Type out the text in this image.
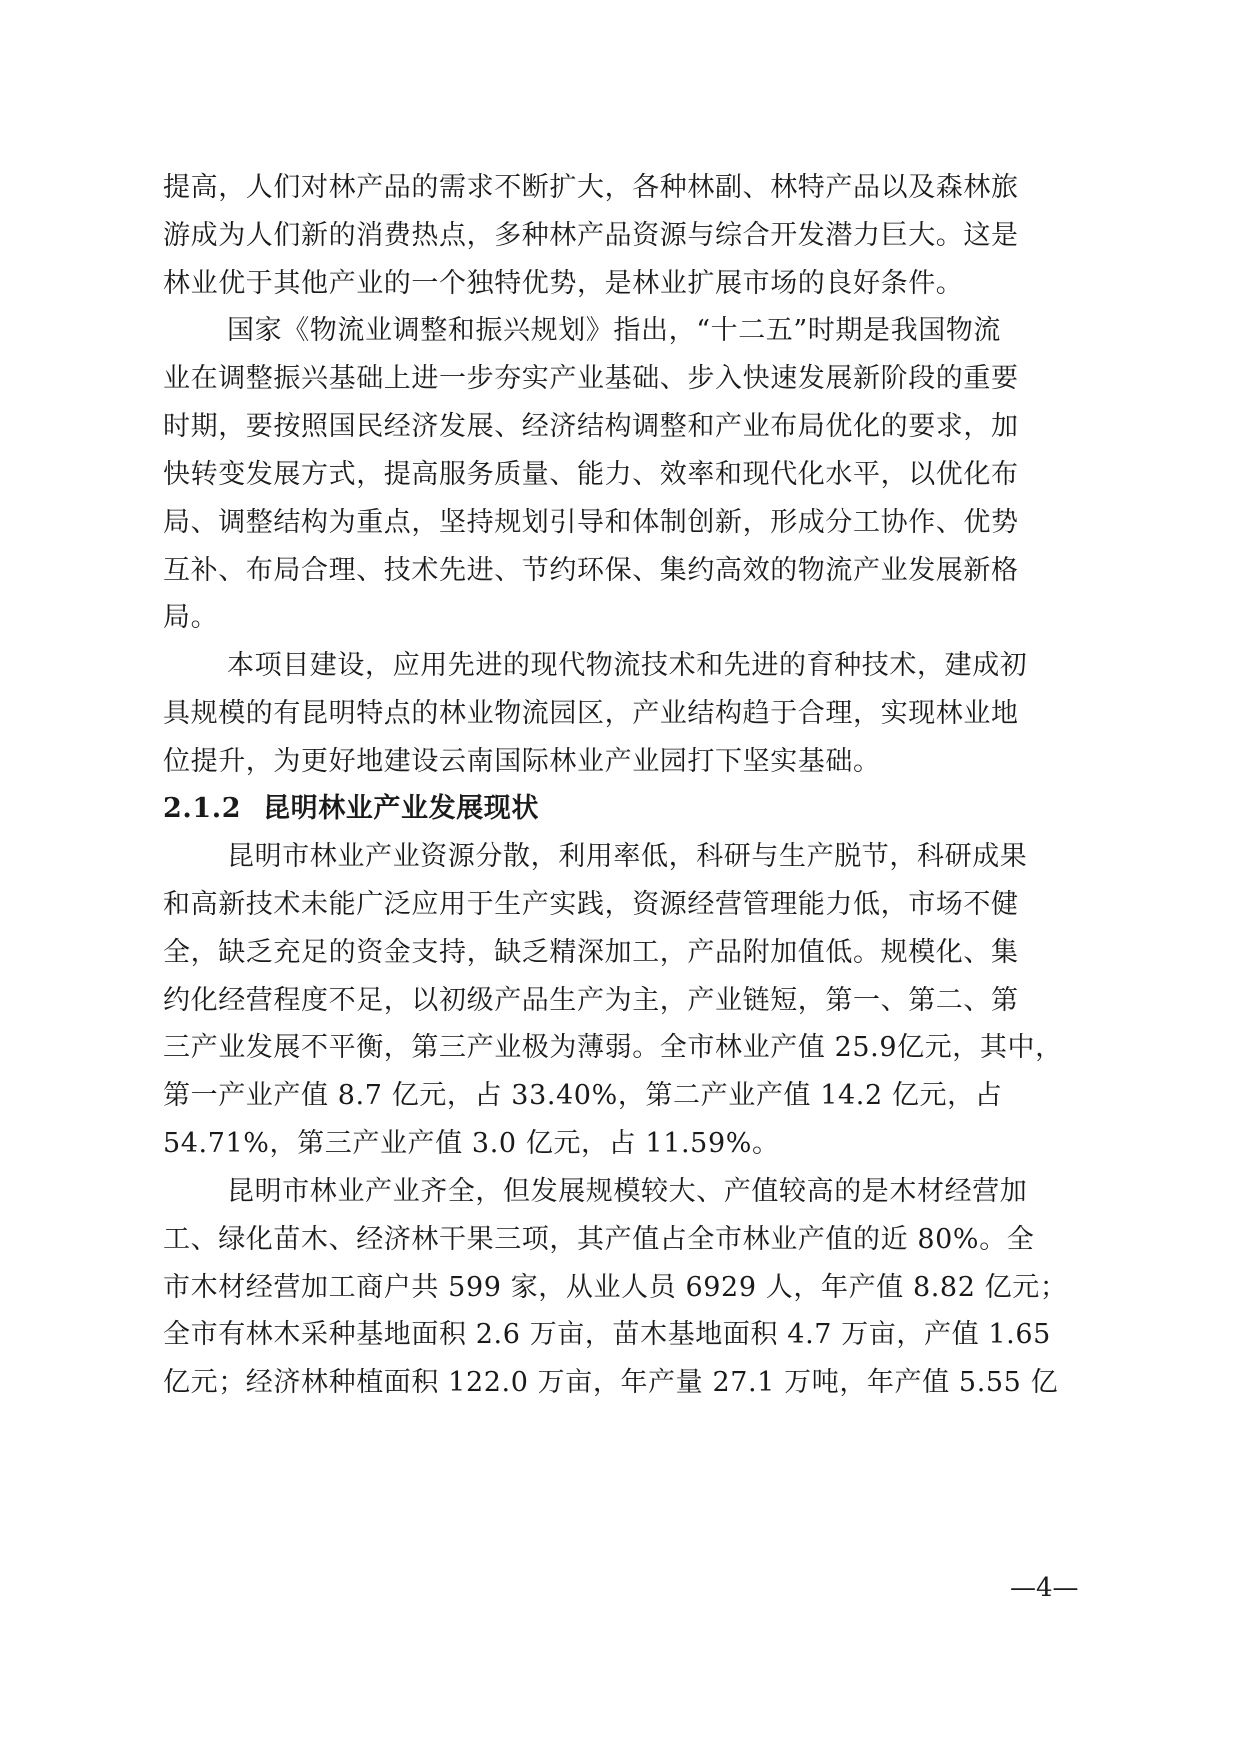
提高，人们对林产品的需求不断扩大，各种林副、林特产品以及森林旅
游成为人们新的消费热点，多种林产品资源与综合开发潜力巨大。这是
林业优于其他产业的一个独特优势，是林业扩展市场的良好条件。
国家《物流业调整和振兴规划》指出，“十二五”时期是我国物流
业在调整振兴基础上进一步夯实产业基础、步入快速发展新阶段的重要
时期，要按照国民经济发展、经济结构调整和产业布局优化的要求，加
快转变发展方式，提高服务质量、能力、效率和现代化水平，以优化布
局、调整结构为重点，坚持规划引导和体制创新，形成分工协作、优势
互补、布局合理、技术先进、节约环保、集约高效的物流产业发展新格
局。
本项目建设，应用先进的现代物流技术和先进的育种技术，建成初
具规模的有昆明特点的林业物流园区，产业结构趋于合理，实现林业地
位提升，为更好地建设云南国际林业产业园打下坚实基础。
2.1.2 昆明林业产业发展现状
昆明市林业产业资源分散，利用率低，科研与生产脱节，科研成果
和高新技术未能广泛应用于生产实践，资源经营管理能力低，市场不健
全，缺乏充足的资金支持，缺乏精深加工，产品附加值低。规模化、集
约化经营程度不足，以初级产品生产为主，产业链短，第一、第二、第
三产业发展不平衡，第三产业极为薄弱。全市林业产值 25.9亿元，其中，
第一产业产值 8.7 亿元，占 33.40%，第二产业产值 14.2 亿元，占
54.71%，第三产业产值 3.0 亿元，占 11.59%。
昆明市林业产业齐全，但发展规模较大、产值较高的是木材经营加
工、绿化苗木、经济林干果三项，其产值占全市林业产值的近 80%。全
市木材经营加工商户共 599 家，从业人员 6929 人，年产值 8.82 亿元；
全市有林木采种基地面积 2.6 万亩，苗木基地面积 4.7 万亩，产值 1.65
亿元；经济林种植面积 122.0 万亩，年产量 27.1 万吨，年产值 5.55 亿
—4—
